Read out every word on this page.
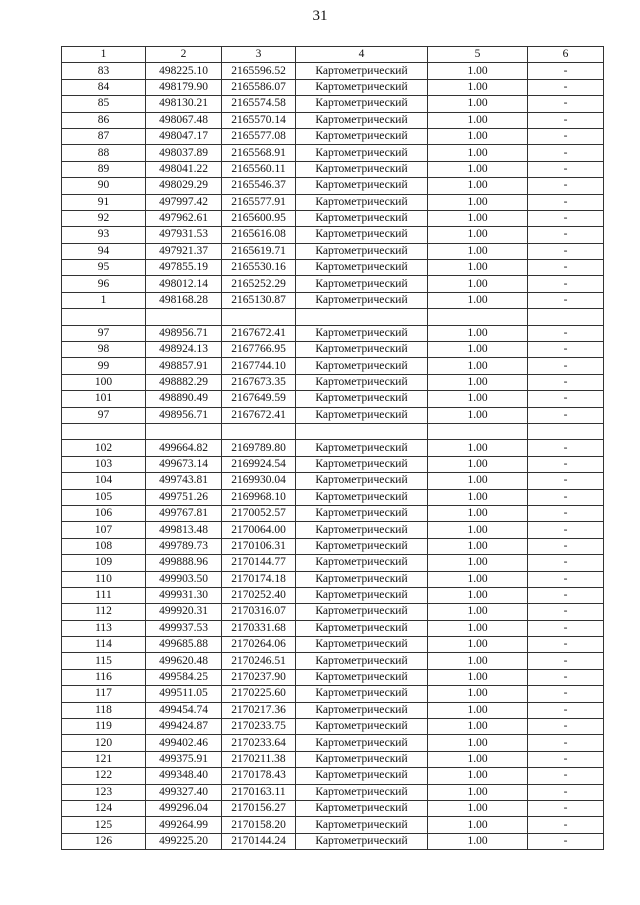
31
1	2	3	4	5	6
83	498225.10	2165596.52	Картометрический	1.00	-
84	498179.90	2165586.07	Картометрический	1.00	-
85	498130.21	2165574.58	Картометрический	1.00	-
86	498067.48	2165570.14	Картометрический	1.00	-
87	498047.17	2165577.08	Картометрический	1.00	-
88	498037.89	2165568.91	Картометрический	1.00	-
89	498041.22	2165560.11	Картометрический	1.00	-
90	498029.29	2165546.37	Картометрический	1.00	-
91	497997.42	2165577.91	Картометрический	1.00	-
92	497962.61	2165600.95	Картометрический	1.00	-
93	497931.53	2165616.08	Картометрический	1.00	-
94	497921.37	2165619.71	Картометрический	1.00	-
95	497855.19	2165530.16	Картометрический	1.00	-
96	498012.14	2165252.29	Картометрический	1.00	-
1	498168.28	2165130.87	Картометрический	1.00	-

97	498956.71	2167672.41	Картометрический	1.00	-
98	498924.13	2167766.95	Картометрический	1.00	-
99	498857.91	2167744.10	Картометрический	1.00	-
100	498882.29	2167673.35	Картометрический	1.00	-
101	498890.49	2167649.59	Картометрический	1.00	-
97	498956.71	2167672.41	Картометрический	1.00	-

102	499664.82	2169789.80	Картометрический	1.00	-
103	499673.14	2169924.54	Картометрический	1.00	-
104	499743.81	2169930.04	Картометрический	1.00	-
105	499751.26	2169968.10	Картометрический	1.00	-
106	499767.81	2170052.57	Картометрический	1.00	-
107	499813.48	2170064.00	Картометрический	1.00	-
108	499789.73	2170106.31	Картометрический	1.00	-
109	499888.96	2170144.77	Картометрический	1.00	-
110	499903.50	2170174.18	Картометрический	1.00	-
111	499931.30	2170252.40	Картометрический	1.00	-
112	499920.31	2170316.07	Картометрический	1.00	-
113	499937.53	2170331.68	Картометрический	1.00	-
114	499685.88	2170264.06	Картометрический	1.00	-
115	499620.48	2170246.51	Картометрический	1.00	-
116	499584.25	2170237.90	Картометрический	1.00	-
117	499511.05	2170225.60	Картометрический	1.00	-
118	499454.74	2170217.36	Картометрический	1.00	-
119	499424.87	2170233.75	Картометрический	1.00	-
120	499402.46	2170233.64	Картометрический	1.00	-
121	499375.91	2170211.38	Картометрический	1.00	-
122	499348.40	2170178.43	Картометрический	1.00	-
123	499327.40	2170163.11	Картометрический	1.00	-
124	499296.04	2170156.27	Картометрический	1.00	-
125	499264.99	2170158.20	Картометрический	1.00	-
126	499225.20	2170144.24	Картометрический	1.00	-
